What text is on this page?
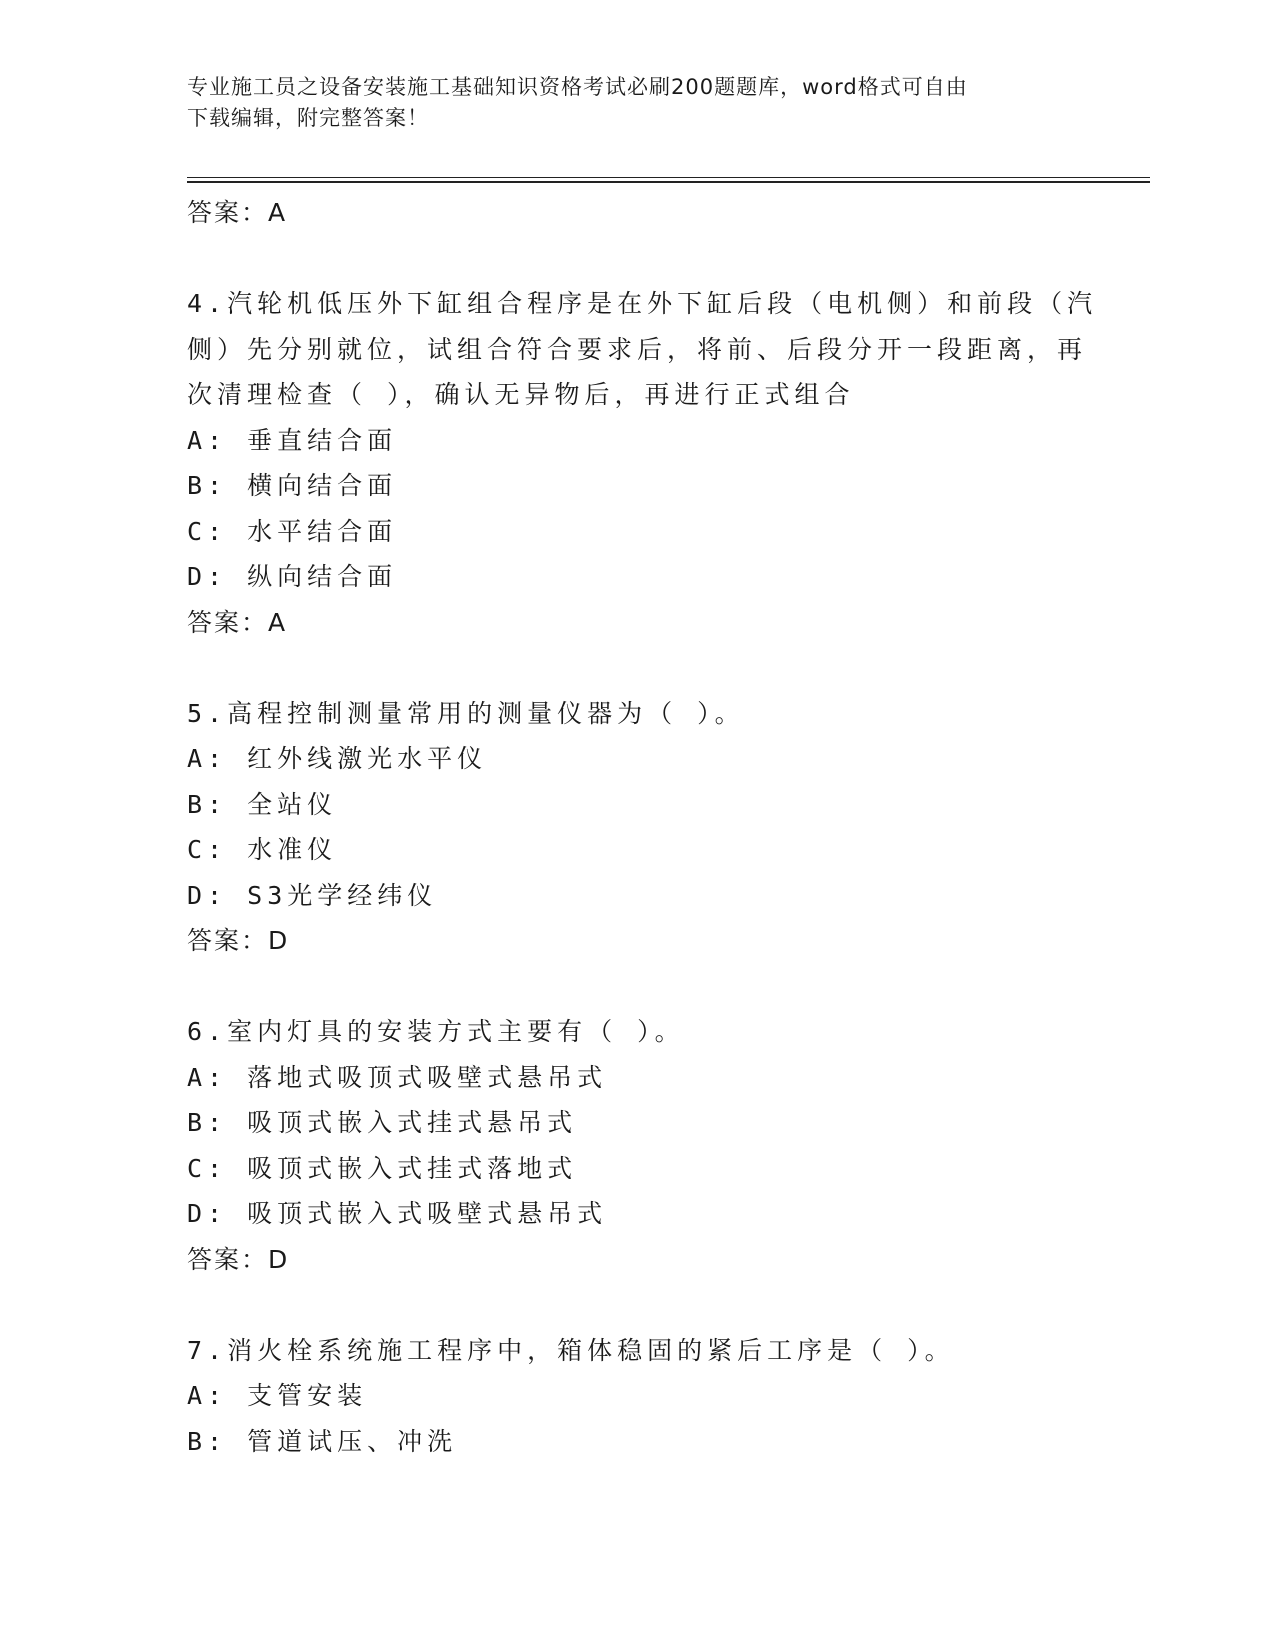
专业施工员之设备安装施工基础知识资格考试必刷200题题库，word格式可自由
下载编辑，附完整答案！
答案：A
4.汽轮机低压外下缸组合程序是在外下缸后段（电机侧）和前段（汽
侧）先分别就位，试组合符合要求后，将前、后段分开一段距离，再
次清理检查（ ），确认无异物后，再进行正式组合
A: 垂直结合面
B: 横向结合面
C: 水平结合面
D: 纵向结合面
答案：A
5.高程控制测量常用的测量仪器为（ ）。
A: 红外线激光水平仪
B: 全站仪
C: 水准仪
D: S3光学经纬仪
答案：D
6.室内灯具的安装方式主要有（ ）。
A: 落地式吸顶式吸壁式悬吊式
B: 吸顶式嵌入式挂式悬吊式
C: 吸顶式嵌入式挂式落地式
D: 吸顶式嵌入式吸壁式悬吊式
答案：D
7.消火栓系统施工程序中，箱体稳固的紧后工序是（ ）。
A: 支管安装
B: 管道试压、冲洗
